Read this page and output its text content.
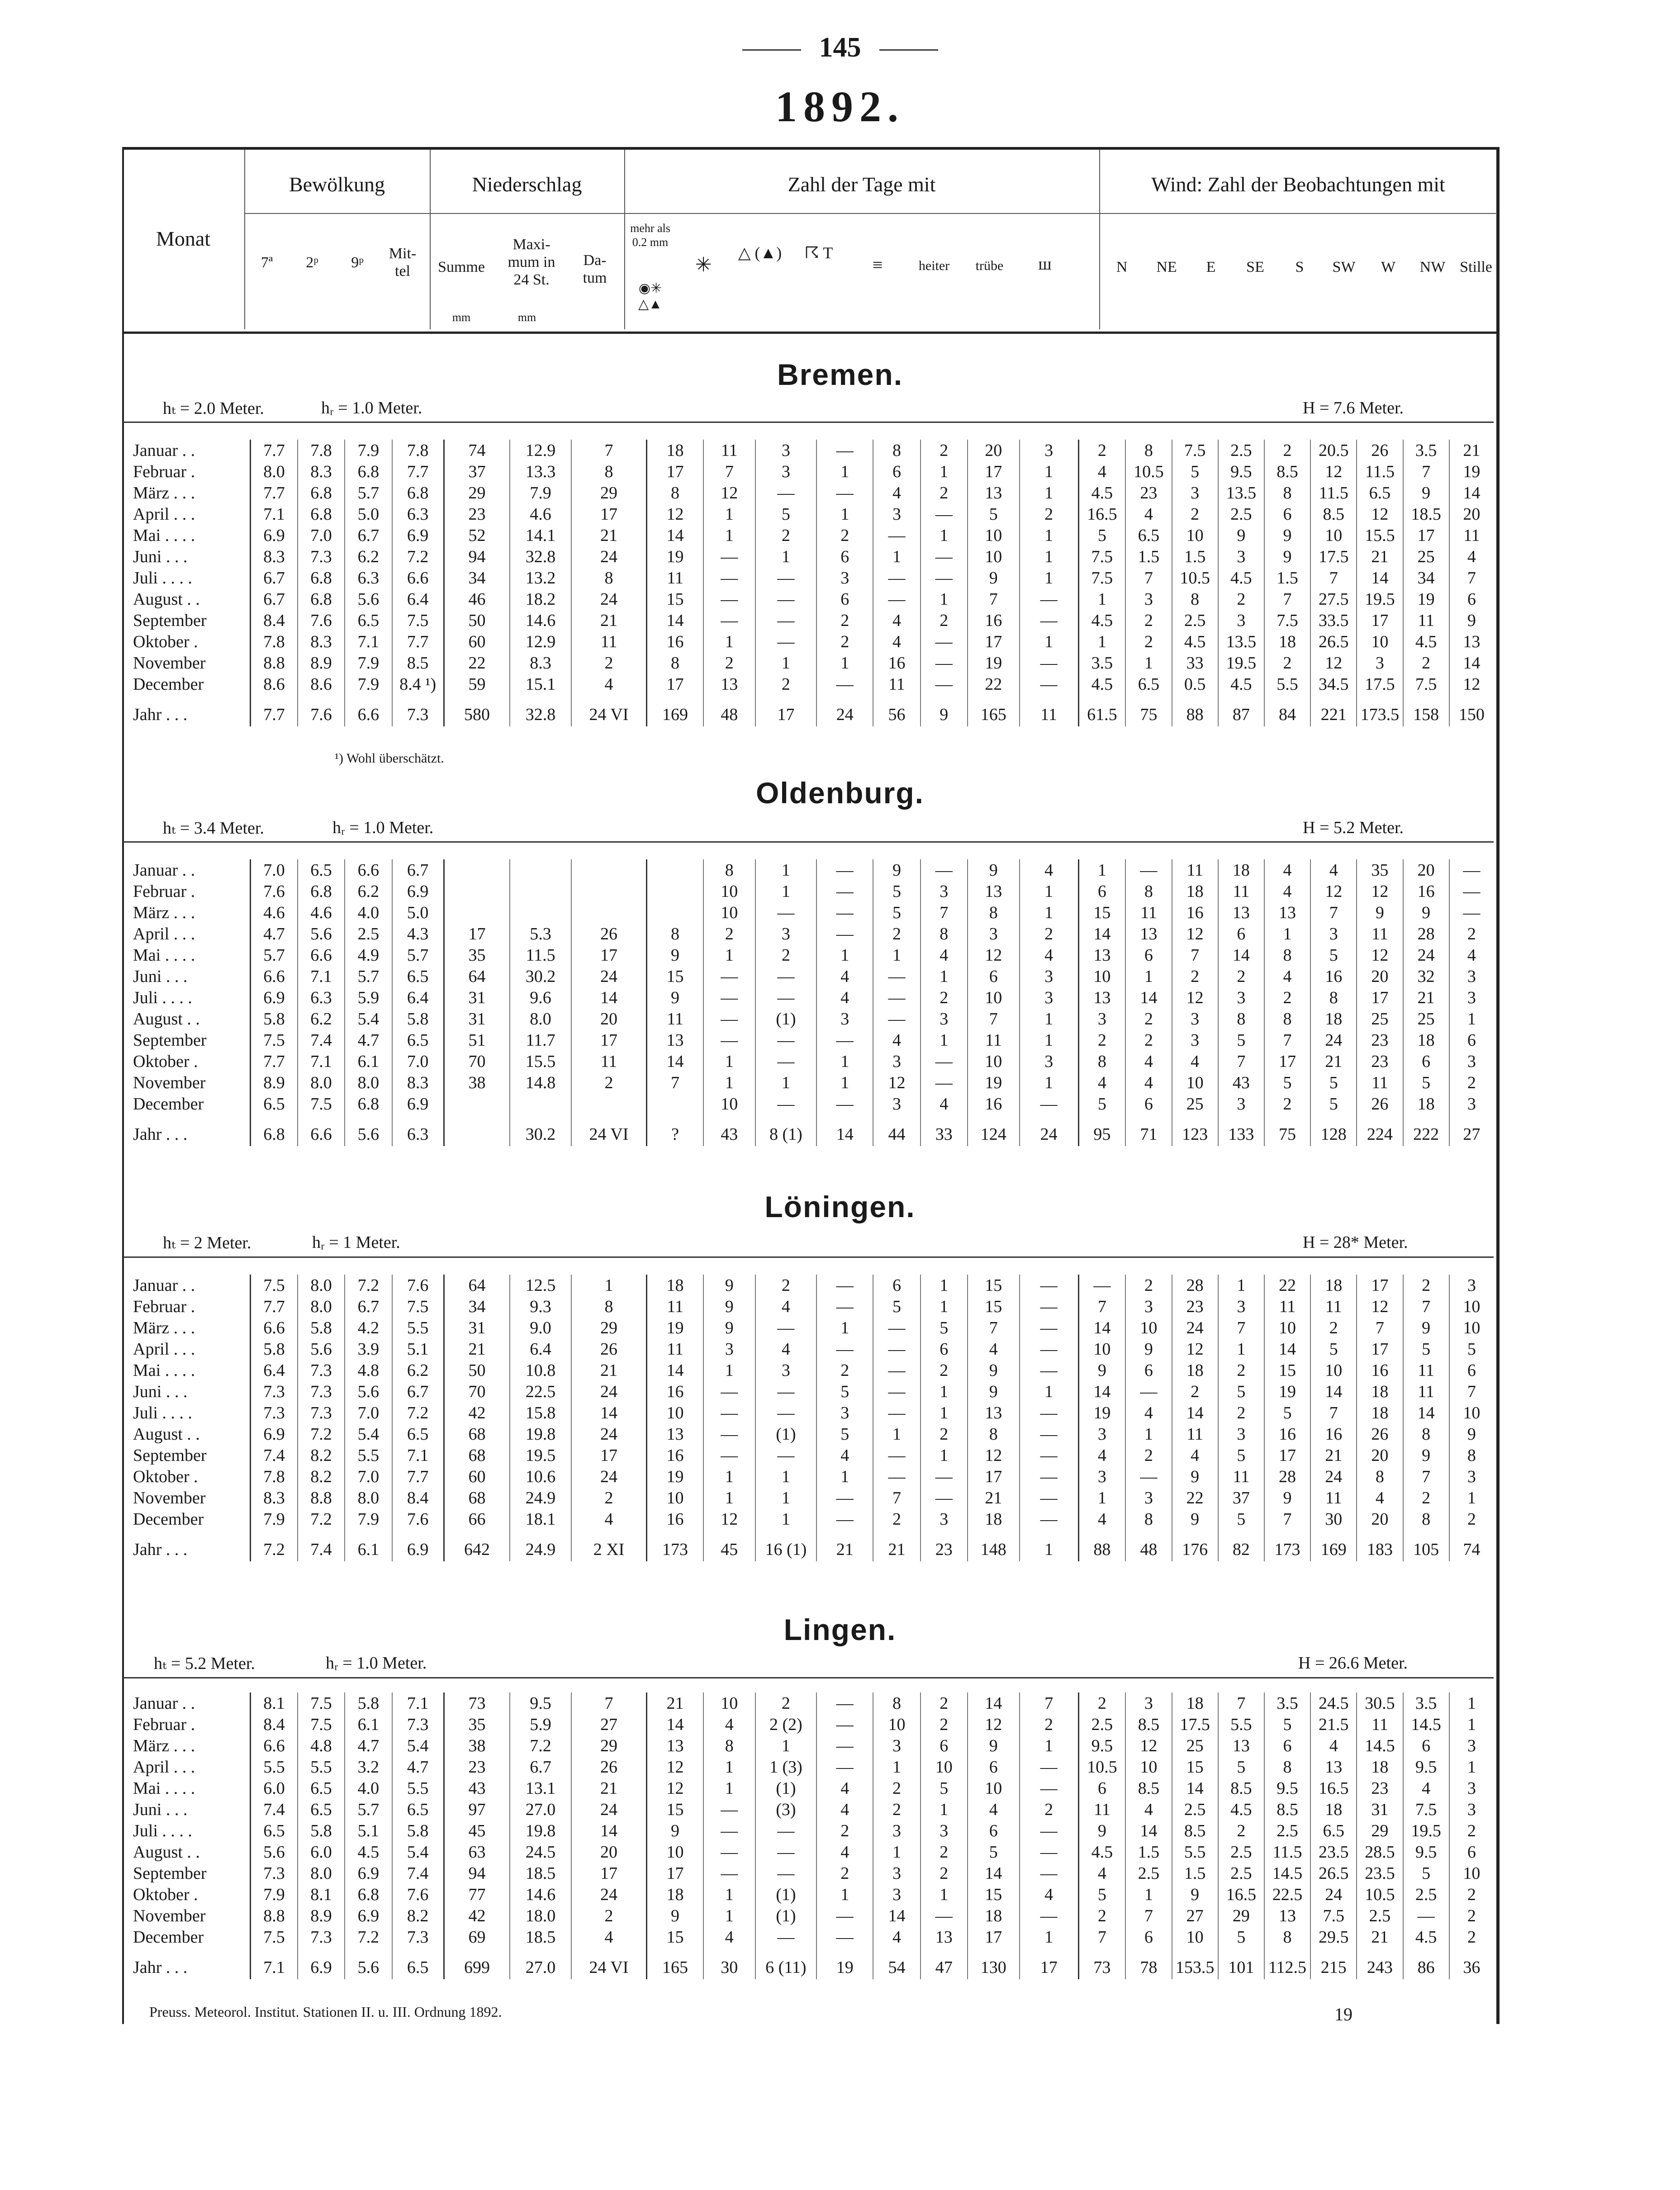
145
1892.
Monat
Bewölkung
7ª	2ᵖ	9ᵖ
Mit-tel
Niederschlag
Summe
Maxi-mum in 24 St.
Da-tum
mm	mm
Zahl der Tage mit
mehr als 0.2 mm
◉✳ △▲
✳
△ (▲)	☈ T
≡	heiter	trübe	ш
Wind: Zahl der Beobachtungen mit
N	NE	E	SE	S	SW	W	NW Stille
Bremen.
hₜ = 2.0 Meter.	hᵣ = 1.0 Meter.	H = 7.6 Meter.
Januar . .	7.7	7.8	7.9	7.8	74	12.9	7	18	11	3	—	8	2	20	3	2	8	7.5	2.5	2	20.5	26	3.5	21
Februar .	8.0	8.3	6.8	7.7	37	13.3	8	17	7	3	1	6	1	17	1	4	10.5	5	9.5	8.5	12	11.5	7	19
März . . .	7.7	6.8	5.7	6.8	29	7.9	29	8	12	—	—	4	2	13	1	4.5	23	3	13.5	8	11.5	6.5	9	14
April . . .	7.1	6.8	5.0	6.3	23	4.6	17	12	1	5	1	3	—	5	2	16.5	4	2	2.5	6	8.5	12	18.5	20
Mai . . . .	6.9	7.0	6.7	6.9	52	14.1	21	14	1	2	2	—	1	10	1	5	6.5	10	9	9	10	15.5	17	11
Juni . . .	8.3	7.3	6.2	7.2	94	32.8	24	19	—	1	6	1	—	10	1	7.5	1.5	1.5	3	9	17.5	21	25	4
Juli . . . .	6.7	6.8	6.3	6.6	34	13.2	8	11	—	—	3	—	—	9	1	7.5	7	10.5	4.5	1.5	7	14	34	7
August . .	6.7	6.8	5.6	6.4	46	18.2	24	15	—	—	6	—	1	7	—	1	3	8	2	7	27.5	19.5	19	6
September	8.4	7.6	6.5	7.5	50	14.6	21	14	—	—	2	4	2	16	—	4.5	2	2.5	3	7.5	33.5	17	11	9
Oktober .	7.8	8.3	7.1	7.7	60	12.9	11	16	1	—	2	4	—	17	1	1	2	4.5	13.5	18	26.5	10	4.5	13
November	8.8	8.9	7.9	8.5	22	8.3	2	8	2	1	1	16	—	19	—	3.5	1	33	19.5	2	12	3	2	14
December	8.6	8.6	7.9	8.4 ¹)	59	15.1	4	17	13	2	—	11	—	22	—	4.5	6.5	0.5	4.5	5.5	34.5	17.5	7.5	12
Jahr . . .	7.7	7.6	6.6	7.3	580	32.8	24 VI	169	48	17	24	56	9	165	11	61.5	75	88	87	84	221	173.5	158	150
¹) Wohl überschätzt.
Oldenburg.
hₜ = 3.4 Meter.	hᵣ = 1.0 Meter.	H = 5.2 Meter.
Januar . .	7.0	6.5	6.6	6.7					8	1	—	9	—	9	4	1	—	11	18	4	4	35	20	—
Februar .	7.6	6.8	6.2	6.9					10	1	—	5	3	13	1	6	8	18	11	4	12	12	16	—
März . . .	4.6	4.6	4.0	5.0					10	—	—	5	7	8	1	15	11	16	13	13	7	9	9	—
April . . .	4.7	5.6	2.5	4.3	17	5.3	26	8	2	3	—	2	8	3	2	14	13	12	6	1	3	11	28	2
Mai . . . .	5.7	6.6	4.9	5.7	35	11.5	17	9	1	2	1	1	4	12	4	13	6	7	14	8	5	12	24	4
Juni . . .	6.6	7.1	5.7	6.5	64	30.2	24	15	—	—	4	—	1	6	3	10	1	2	2	4	16	20	32	3
Juli . . . .	6.9	6.3	5.9	6.4	31	9.6	14	9	—	—	4	—	2	10	3	13	14	12	3	2	8	17	21	3
August . .	5.8	6.2	5.4	5.8	31	8.0	20	11	—	(1)	3	—	3	7	1	3	2	3	8	8	18	25	25	1
September	7.5	7.4	4.7	6.5	51	11.7	17	13	—	—	—	4	1	11	1	2	2	3	5	7	24	23	18	6
Oktober .	7.7	7.1	6.1	7.0	70	15.5	11	14	1	—	1	3	—	10	3	8	4	4	7	17	21	23	6	3
November	8.9	8.0	8.0	8.3	38	14.8	2	7	1	1	1	12	—	19	1	4	4	10	43	5	5	11	5	2
December	6.5	7.5	6.8	6.9					10	—	—	3	4	16	—	5	6	25	3	2	5	26	18	3
Jahr . . .	6.8	6.6	5.6	6.3		30.2	24 VI	?	43	8 (1)	14	44	33	124	24	95	71	123	133	75	128	224	222	27
Löningen.
hₜ = 2 Meter.	hᵣ = 1 Meter.	H = 28* Meter.
Januar . .	7.5	8.0	7.2	7.6	64	12.5	1	18	9	2	—	6	1	15	—	—	2	28	1	22	18	17	2	3
Februar .	7.7	8.0	6.7	7.5	34	9.3	8	11	9	4	—	5	1	15	—	7	3	23	3	11	11	12	7	10
März . . .	6.6	5.8	4.2	5.5	31	9.0	29	19	9	—	1	—	5	7	—	14	10	24	7	10	2	7	9	10
April . . .	5.8	5.6	3.9	5.1	21	6.4	26	11	3	4	—	—	6	4	—	10	9	12	1	14	5	17	5	5
Mai . . . .	6.4	7.3	4.8	6.2	50	10.8	21	14	1	3	2	—	2	9	—	9	6	18	2	15	10	16	11	6
Juni . . .	7.3	7.3	5.6	6.7	70	22.5	24	16	—	—	5	—	1	9	1	14	—	2	5	19	14	18	11	7
Juli . . . .	7.3	7.3	7.0	7.2	42	15.8	14	10	—	—	3	—	1	13	—	19	4	14	2	5	7	18	14	10
August . .	6.9	7.2	5.4	6.5	68	19.8	24	13	—	(1)	5	1	2	8	—	3	1	11	3	16	16	26	8	9
September	7.4	8.2	5.5	7.1	68	19.5	17	16	—	—	4	—	1	12	—	4	2	4	5	17	21	20	9	8
Oktober .	7.8	8.2	7.0	7.7	60	10.6	24	19	1	1	1	—	—	17	—	3	—	9	11	28	24	8	7	3
November	8.3	8.8	8.0	8.4	68	24.9	2	10	1	1	—	7	—	21	—	1	3	22	37	9	11	4	2	1
December	7.9	7.2	7.9	7.6	66	18.1	4	16	12	1	—	2	3	18	—	4	8	9	5	7	30	20	8	2
Jahr . . .	7.2	7.4	6.1	6.9	642	24.9	2 XI	173	45	16 (1)	21	21	23	148	1	88	48	176	82	173	169	183	105	74
Lingen.
hₜ = 5.2 Meter.	hᵣ = 1.0 Meter.	H = 26.6 Meter.
Januar . .	8.1	7.5	5.8	7.1	73	9.5	7	21	10	2	—	8	2	14	7	2	3	18	7	3.5	24.5	30.5	3.5	1
Februar .	8.4	7.5	6.1	7.3	35	5.9	27	14	4	2 (2)	—	10	2	12	2	2.5	8.5	17.5	5.5	5	21.5	11	14.5	1
März . . .	6.6	4.8	4.7	5.4	38	7.2	29	13	8	1	—	3	6	9	1	9.5	12	25	13	6	4	14.5	6	3
April . . .	5.5	5.5	3.2	4.7	23	6.7	26	12	1	1 (3)	—	1	10	6	—	10.5	10	15	5	8	13	18	9.5	1
Mai . . . .	6.0	6.5	4.0	5.5	43	13.1	21	12	1	(1)	4	2	5	10	—	6	8.5	14	8.5	9.5	16.5	23	4	3
Juni . . .	7.4	6.5	5.7	6.5	97	27.0	24	15	—	(3)	4	2	1	4	2	11	4	2.5	4.5	8.5	18	31	7.5	3
Juli . . . .	6.5	5.8	5.1	5.8	45	19.8	14	9	—	—	2	3	3	6	—	9	14	8.5	2	2.5	6.5	29	19.5	2
August . .	5.6	6.0	4.5	5.4	63	24.5	20	10	—	—	4	1	2	5	—	4.5	1.5	5.5	2.5	11.5	23.5	28.5	9.5	6
September	7.3	8.0	6.9	7.4	94	18.5	17	17	—	—	2	3	2	14	—	4	2.5	1.5	2.5	14.5	26.5	23.5	5	10
Oktober .	7.9	8.1	6.8	7.6	77	14.6	24	18	1	(1)	1	3	1	15	4	5	1	9	16.5	22.5	24	10.5	2.5	2
November	8.8	8.9	6.9	8.2	42	18.0	2	9	1	(1)	—	14	—	18	—	2	7	27	29	13	7.5	2.5	—	2
December	7.5	7.3	7.2	7.3	69	18.5	4	15	4	—	—	4	13	17	1	7	6	10	5	8	29.5	21	4.5	2
Jahr . . .	7.1	6.9	5.6	6.5	699	27.0	24 VI	165	30	6 (11)	19	54	47	130	17	73	78	153.5	101	112.5	215	243	86	36
Preuss. Meteorol. Institut. Stationen II. u. III. Ordnung 1892.	19
